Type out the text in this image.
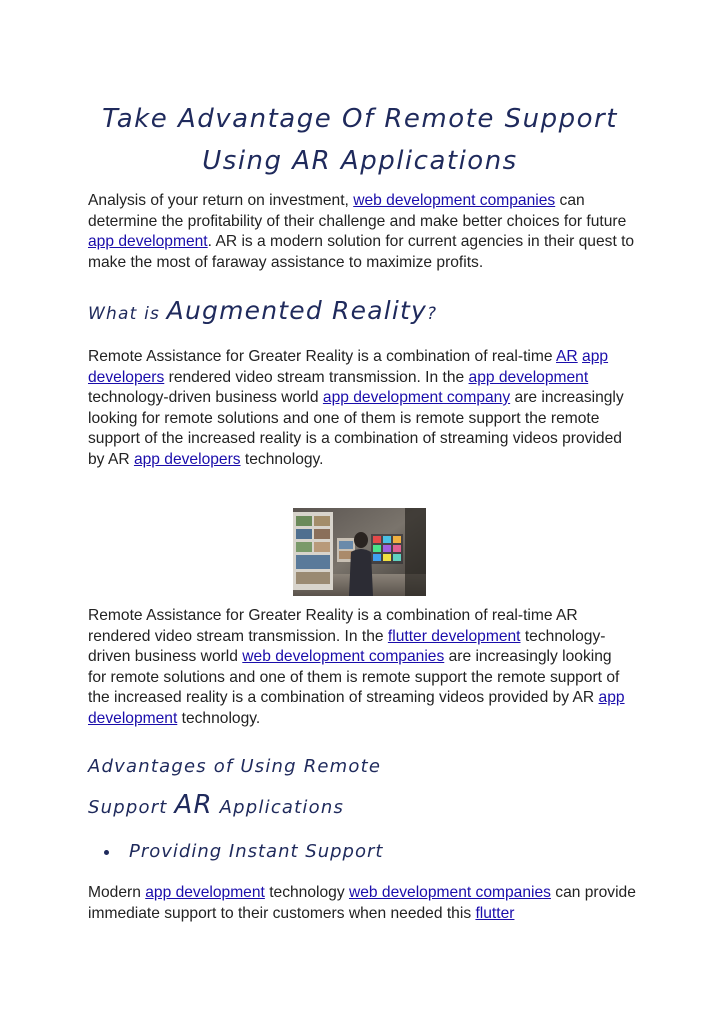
Take Advantage Of Remote Support
Using AR Applications

Analysis of your return on investment, web development companies can determine the profitability of their challenge and make better choices for future app development. AR is a modern solution for current agencies in their quest to make the most of faraway assistance to maximize profits.

What is Augmented Reality?

Remote Assistance for Greater Reality is a combination of real-time AR app developers rendered video stream transmission. In the app development technology-driven business world app development company are increasingly looking for remote solutions and one of them is remote support the remote support of the increased reality is a combination of streaming videos provided by AR app developers technology.

Remote Assistance for Greater Reality is a combination of real-time AR rendered video stream transmission. In the flutter development technology-driven business world web development companies are increasingly looking for remote solutions and one of them is remote support the remote support of the increased reality is a combination of streaming videos provided by AR app development technology.

Advantages of Using Remote
Support AR Applications
Providing Instant Support

Modern app development technology web development companies can provide immediate support to their customers when needed this flutter
